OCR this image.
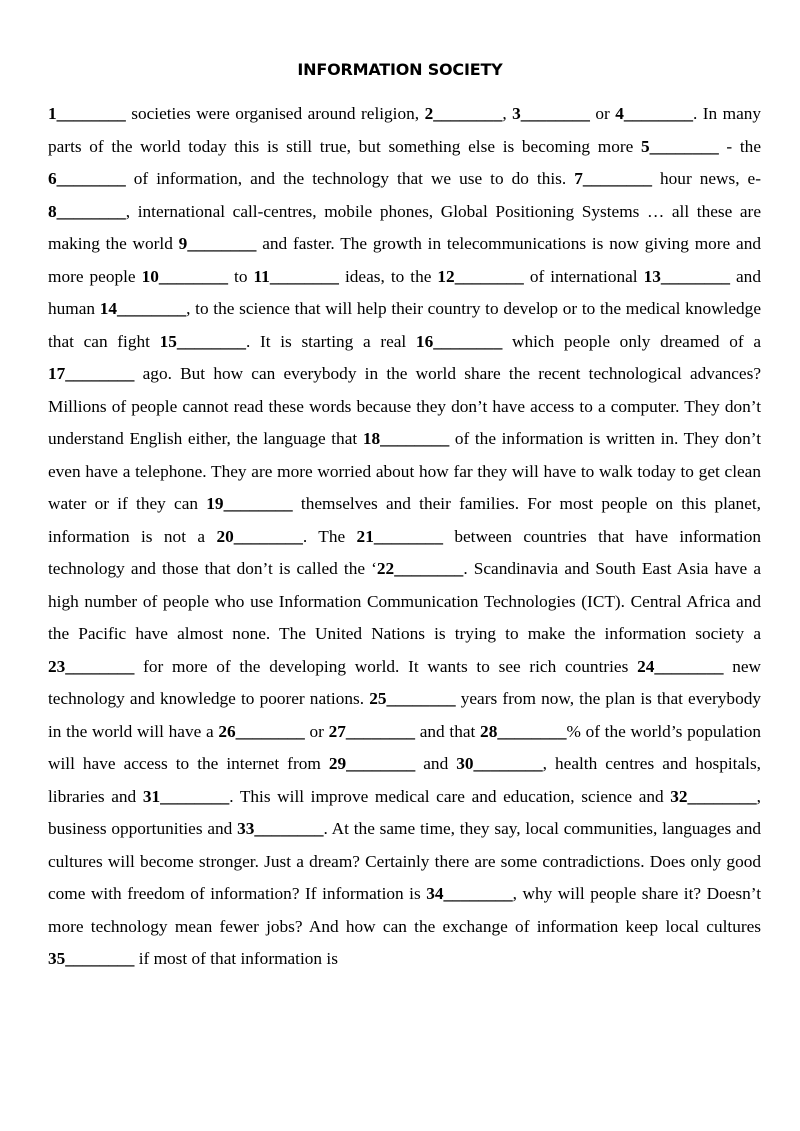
INFORMATION SOCIETY
1________ societies were organised around religion, 2________, 3________ or 4________. In many parts of the world today this is still true, but something else is becoming more 5________ - the 6________ of information, and the technology that we use to do this. 7________ hour news, e-8________, international call-centres, mobile phones, Global Positioning Systems … all these are making the world 9________ and faster. The growth in telecommunications is now giving more and more people 10________ to 11________ ideas, to the 12________ of international 13________ and human 14________, to the science that will help their country to develop or to the medical knowledge that can fight 15________. It is starting a real 16________ which people only dreamed of a 17________ ago. But how can everybody in the world share the recent technological advances? Millions of people cannot read these words because they don’t have access to a computer. They don’t understand English either, the language that 18________ of the information is written in. They don’t even have a telephone. They are more worried about how far they will have to walk today to get clean water or if they can 19________ themselves and their families. For most people on this planet, information is not a 20________. The 21________ between countries that have information technology and those that don’t is called the ‘22________. Scandinavia and South East Asia have a high number of people who use Information Communication Technologies (ICT). Central Africa and the Pacific have almost none. The United Nations is trying to make the information society a 23________ for more of the developing world. It wants to see rich countries 24________ new technology and knowledge to poorer nations. 25________ years from now, the plan is that everybody in the world will have a 26________ or 27________ and that 28________% of the world’s population will have access to the internet from 29________ and 30________, health centres and hospitals, libraries and 31________. This will improve medical care and education, science and 32________, business opportunities and 33________. At the same time, they say, local communities, languages and cultures will become stronger. Just a dream? Certainly there are some contradictions. Does only good come with freedom of information? If information is 34________, why will people share it? Doesn’t more technology mean fewer jobs? And how can the exchange of information keep local cultures 35________ if most of that information is
